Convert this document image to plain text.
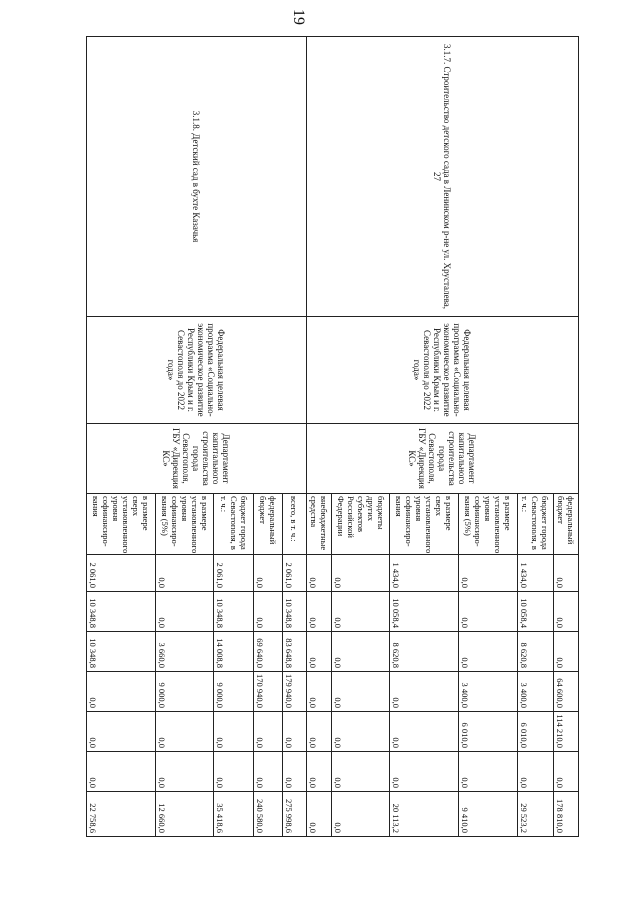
19
3.1.7. Строительство детского сада в Ленинском р-не ул. Хрусталева, 27	Федеральная целевая программа «Социально-экономическое развитие Республики Крым и г. Севастополя до 2022 года»	Департамент капитального строительства города Севастополя, ГБУ «Дирекция КС»	федеральный бюджет	0,0	0,0	0,0	64 600,0	114 210,0	0,0	178 810,0
			бюджет города Севастополя, в т. ч.:	1 434,0	10 058,4	8 620,8	3 400,0	6 010,0	0,0	29 523,2
			в размере установленного уровня софинансиро-вания (5%)	0,0	0,0	0,0	3 400,0	6 010,0	0,0	9 410,0
			в размере сверх установленного уровня софинансиро-вания	1 434,0	10 058,4	8 620,8	0,0	0,0	0,0	20 113,2
			бюджеты других субъектов Российской Федерации	0,0	0,0	0,0	0,0	0,0	0,0	0,0
			внебюджетные средства	0,0	0,0	0,0	0,0	0,0	0,0	0,0
3.1.8. Детский сад в бухте Казачья	Федеральная целевая программа «Социально-экономическое развитие Республики Крым и г. Севастополя до 2022 года»	Департамент капитального строительства города Севастополя, ГБУ «Дирекция КС»	всего, в т. ч.:	2 061,0	10 348,8	83 648,8	179 940,0	0,0	0,0	275 998,6
			федеральный бюджет	0,0	0,0	69 640,0	170 940,0	0,0	0,0	240 580,0
			бюджет города Севастополя, в т. ч.:	2 061,0	10 348,8	14 008,8	9 000,0	0,0	0,0	35 418,6
			в размере установленного уровня софинансиро-вания (5%)	0,0	0,0	3 660,0	9 000,0	0,0	0,0	12 660,0
			в размере сверх установленного уровня софинансиро-вания	2 061,0	10 348,8	10 348,8	0,0	0,0	0,0	22 758,6
